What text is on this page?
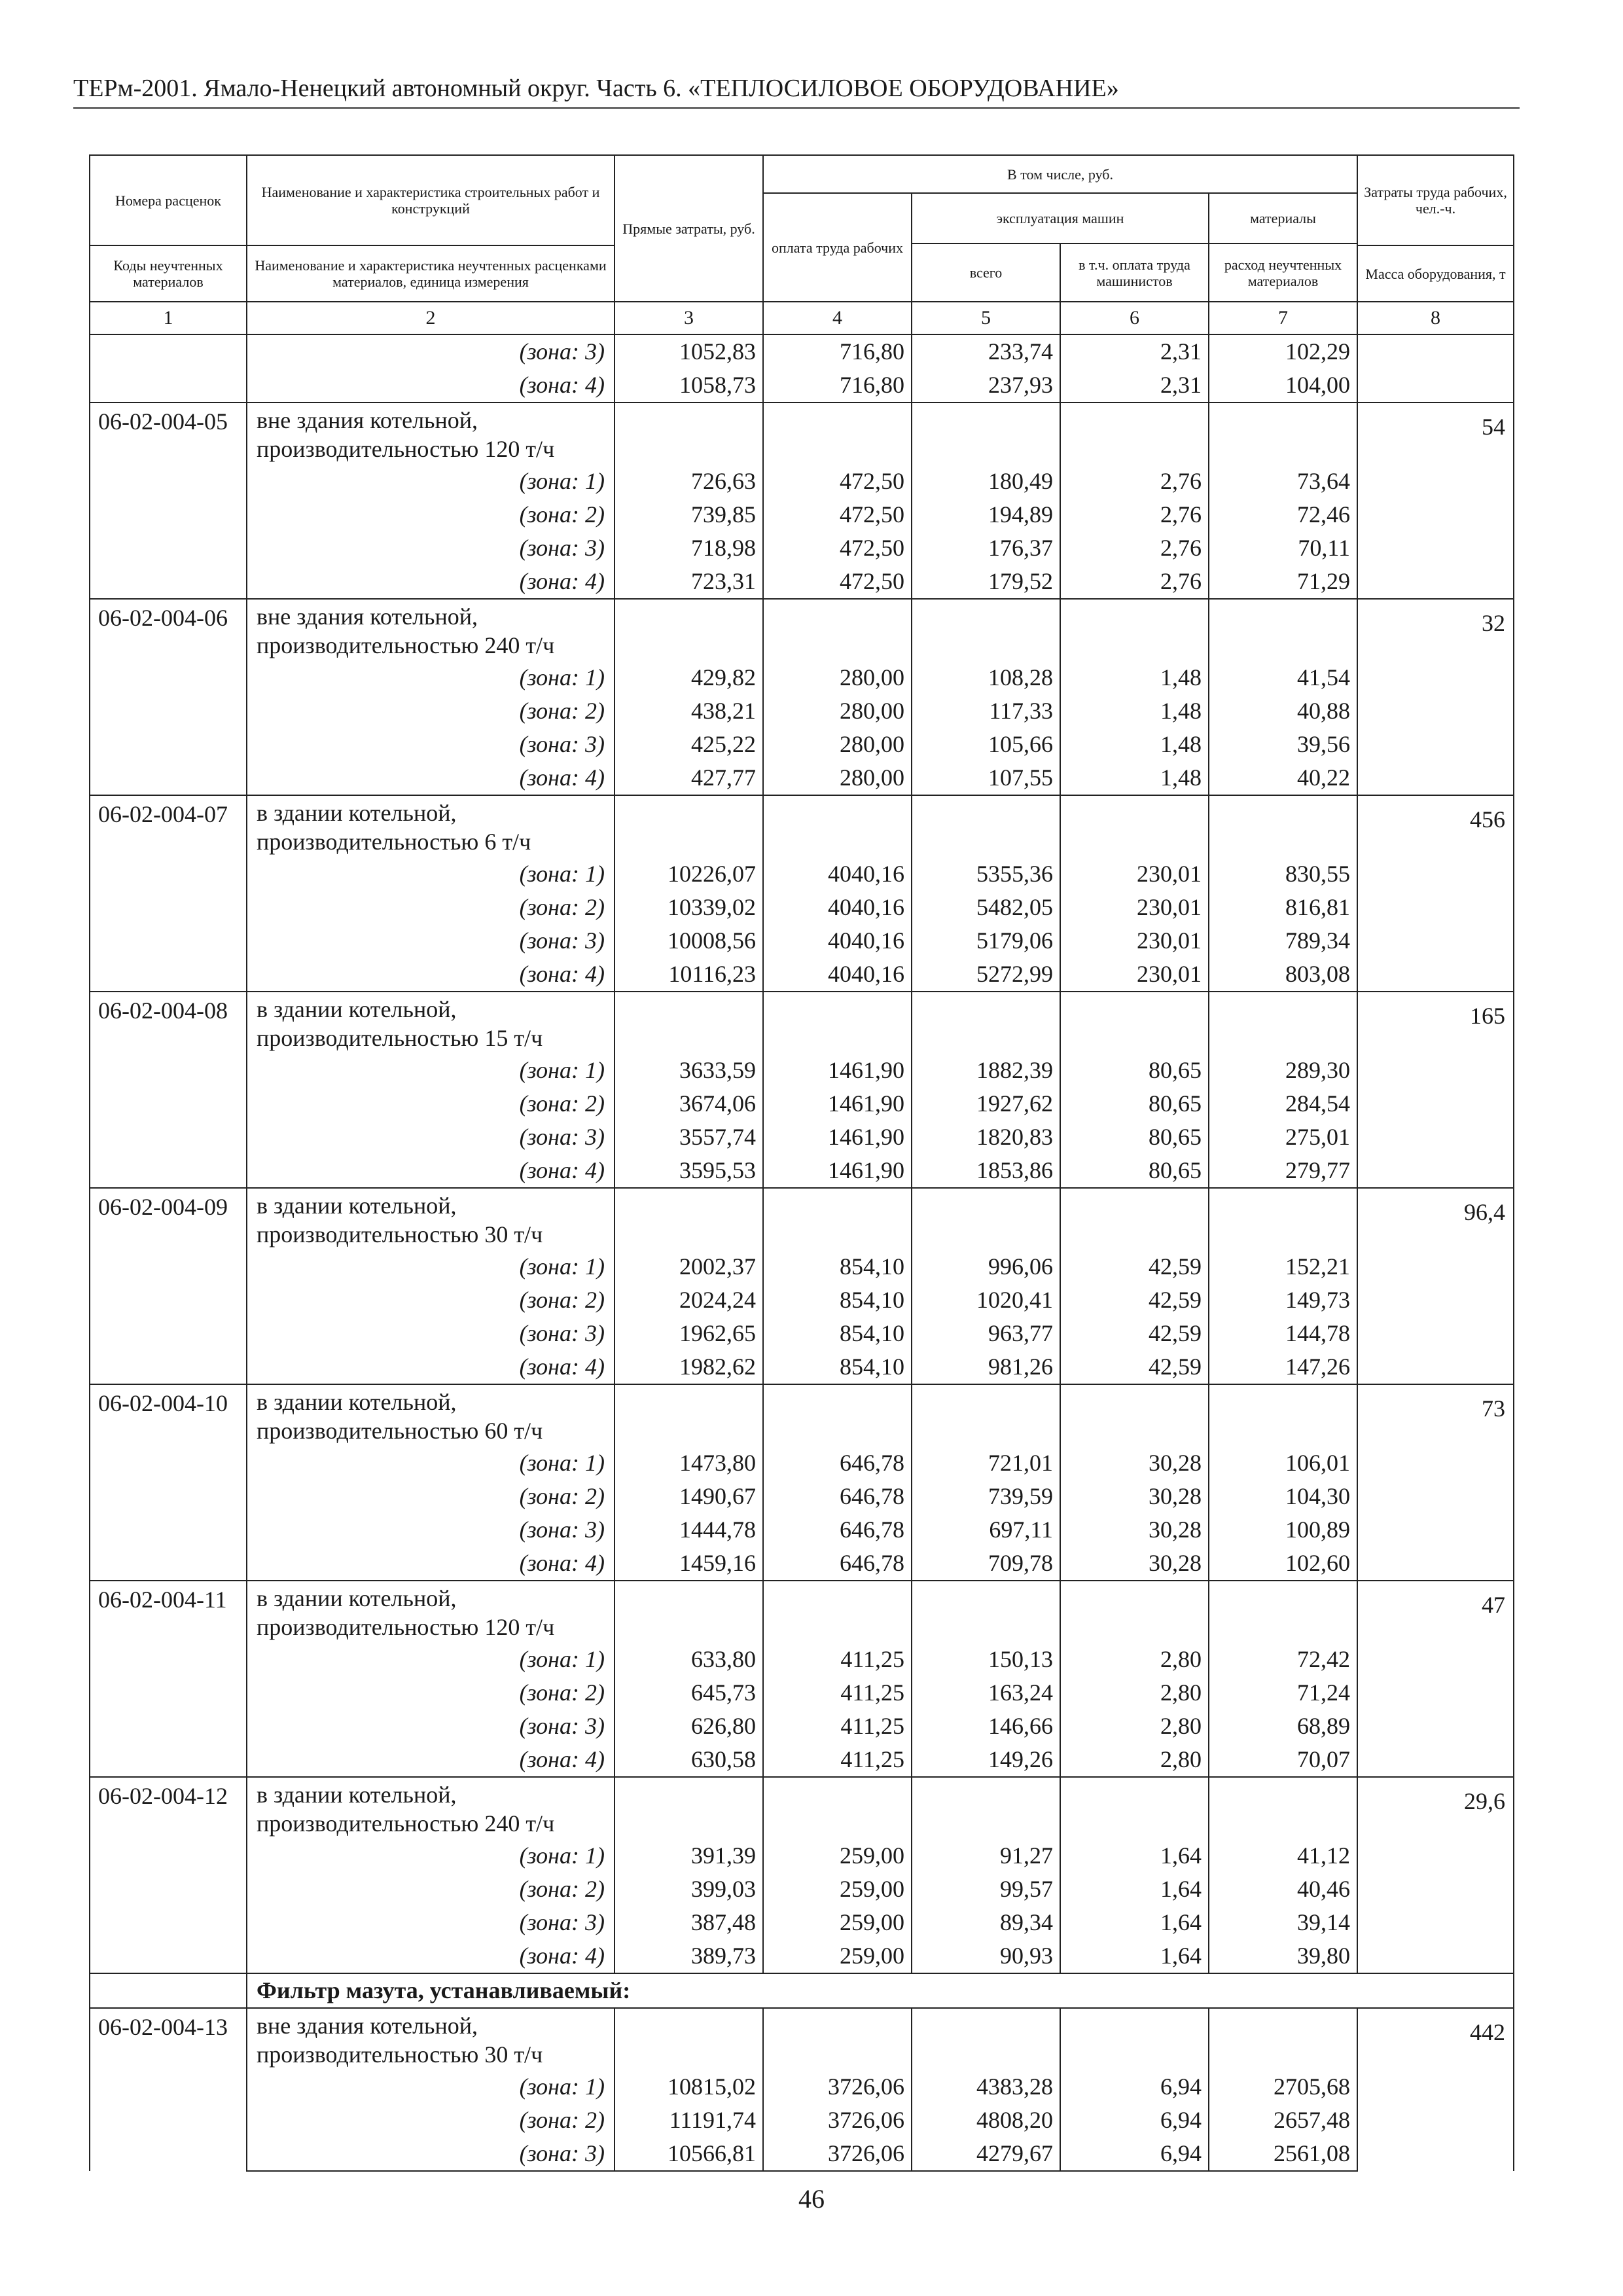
ТЕРм-2001. Ямало-Ненецкий автономный округ. Часть 6. «ТЕПЛОСИЛОВОЕ ОБОРУДОВАНИЕ»
Номера расценок	Наименование и характеристика строительных работ и конструкций	Прямые затраты, руб.	В том числе, руб.				Затраты труда рабочих, чел.-ч.
			оплата труда рабочих	эксплуатация машин		материалы	
				всего	в т.ч. оплата труда машинистов	расход неучтенных материалов	
Коды неучтенных материалов	Наименование и характеристика неучтенных расценками материалов, единица измерения						Масса оборудования, т

1	2	3	4	5	6	7	8
	(зона: 3)	1052,83	716,80	233,74	2,31	102,29	
	(зона: 4)	1058,73	716,80	237,93	2,31	104,00	
06-02-004-05	вне здания котельной, производительностью 120 т/ч						54
	(зона: 1)	726,63	472,50	180,49	2,76	73,64	
	(зона: 2)	739,85	472,50	194,89	2,76	72,46	
	(зона: 3)	718,98	472,50	176,37	2,76	70,11	
	(зона: 4)	723,31	472,50	179,52	2,76	71,29	
06-02-004-06	вне здания котельной, производительностью 240 т/ч						32
	(зона: 1)	429,82	280,00	108,28	1,48	41,54	
	(зона: 2)	438,21	280,00	117,33	1,48	40,88	
	(зона: 3)	425,22	280,00	105,66	1,48	39,56	
	(зона: 4)	427,77	280,00	107,55	1,48	40,22	
06-02-004-07	в здании котельной, производительностью 6 т/ч						456
	(зона: 1)	10226,07	4040,16	5355,36	230,01	830,55	
	(зона: 2)	10339,02	4040,16	5482,05	230,01	816,81	
	(зона: 3)	10008,56	4040,16	5179,06	230,01	789,34	
	(зона: 4)	10116,23	4040,16	5272,99	230,01	803,08	
06-02-004-08	в здании котельной, производительностью 15 т/ч						165
	(зона: 1)	3633,59	1461,90	1882,39	80,65	289,30	
	(зона: 2)	3674,06	1461,90	1927,62	80,65	284,54	
	(зона: 3)	3557,74	1461,90	1820,83	80,65	275,01	
	(зона: 4)	3595,53	1461,90	1853,86	80,65	279,77	
06-02-004-09	в здании котельной, производительностью 30 т/ч						96,4
	(зона: 1)	2002,37	854,10	996,06	42,59	152,21	
	(зона: 2)	2024,24	854,10	1020,41	42,59	149,73	
	(зона: 3)	1962,65	854,10	963,77	42,59	144,78	
	(зона: 4)	1982,62	854,10	981,26	42,59	147,26	
06-02-004-10	в здании котельной, производительностью 60 т/ч						73
	(зона: 1)	1473,80	646,78	721,01	30,28	106,01	
	(зона: 2)	1490,67	646,78	739,59	30,28	104,30	
	(зона: 3)	1444,78	646,78	697,11	30,28	100,89	
	(зона: 4)	1459,16	646,78	709,78	30,28	102,60	
06-02-004-11	в здании котельной, производительностью 120 т/ч						47
	(зона: 1)	633,80	411,25	150,13	2,80	72,42	
	(зона: 2)	645,73	411,25	163,24	2,80	71,24	
	(зона: 3)	626,80	411,25	146,66	2,80	68,89	
	(зона: 4)	630,58	411,25	149,26	2,80	70,07	
06-02-004-12	в здании котельной, производительностью 240 т/ч						29,6
	(зона: 1)	391,39	259,00	91,27	1,64	41,12	
	(зона: 2)	399,03	259,00	99,57	1,64	40,46	
	(зона: 3)	387,48	259,00	89,34	1,64	39,14	
	(зона: 4)	389,73	259,00	90,93	1,64	39,80	
	Фильтр мазута, устанавливаемый:						
06-02-004-13	вне здания котельной, производительностью 30 т/ч						442
	(зона: 1)	10815,02	3726,06	4383,28	6,94	2705,68	
	(зона: 2)	11191,74	3726,06	4808,20	6,94	2657,48	
	(зона: 3)	10566,81	3726,06	4279,67	6,94	2561,08	
46
